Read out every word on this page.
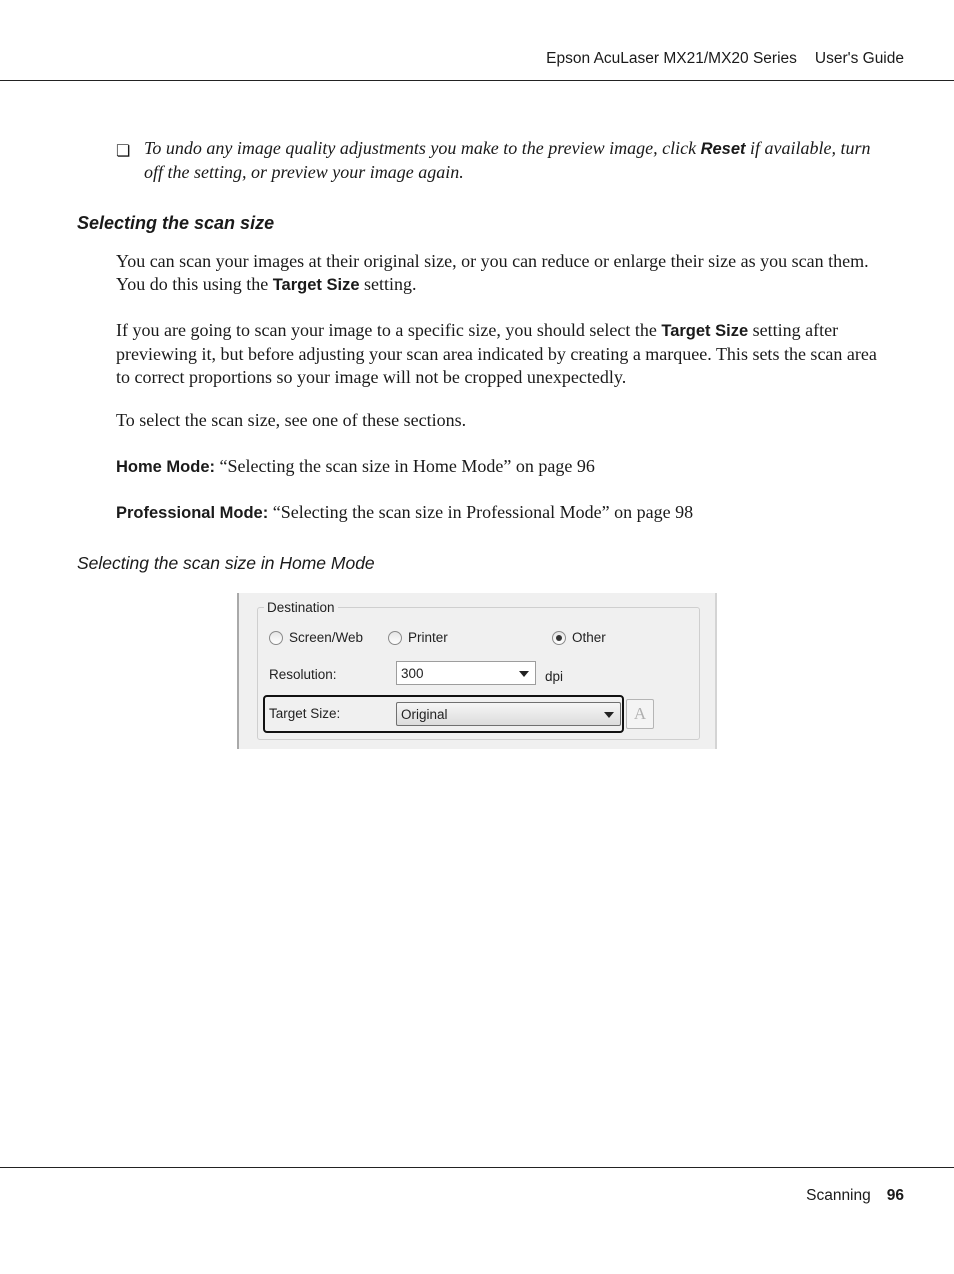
Epson AcuLaser MX21/MX20 Series User's Guide
❏ To undo any image quality adjustments you make to the preview image, click Reset if available, turn off the setting, or preview your image again.
Selecting the scan size

You can scan your images at their original size, or you can reduce or enlarge their size as you scan them. You do this using the Target Size setting.

If you are going to scan your image to a specific size, you should select the Target Size setting after previewing it, but before adjusting your scan area indicated by creating a marquee. This sets the scan area to correct proportions so your image will not be cropped unexpectedly.

To select the scan size, see one of these sections.

Home Mode: “Selecting the scan size in Home Mode” on page 96

Professional Mode: “Selecting the scan size in Professional Mode” on page 98

Selecting the scan size in Home Mode
Destination
Screen/Web	Printer	Other
Resolution:	300	dpi
Target Size:	Original	A
Scanning 96
